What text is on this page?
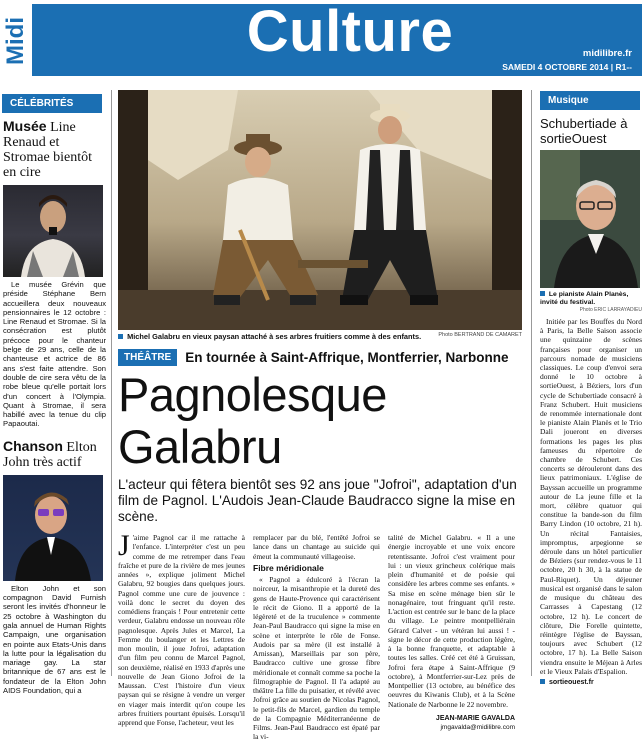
Midi	Culture	midilibre.fr
SAMEDI 4 OCTOBRE 2014 | R1--
CÉLÉBRITÉS
Musée Line Renaud et Stromae bientôt en cire
Le musée Grévin que préside Stéphane Bern accueillera deux nouveaux pensionnaires le 12 octobre : Line Renaud et Stromae. Si la consécration est plutôt précoce pour le chanteur belge de 29 ans, celle de la chanteuse et actrice de 86 ans s'est faite attendre. Son double de cire sera vêtu de la robe bleue qu'elle portait lors d'un concert à l'Olympia. Quant à Stromae, il sera habillé avec la tenue du clip Papaoutai.
Chanson Elton John très actif
Elton John et son compagnon David Furnish seront les invités d'honneur le 25 octobre à Washington du gala annuel de Human Rights Campaign, une organisation en pointe aux Etats-Unis dans la lutte pour la légalisation du mariage gay. La star britannique de 67 ans est le fondateur de la Elton John AIDS Foundation, qui a
Michel Galabru en vieux paysan attaché à ses arbres fruitiers comme à des enfants.	Photo BERTRAND DE CAMARET
THÉÂTRE	En tournée à Saint-Affrique, Montferrier, Narbonne
Pagnolesque Galabru
L'acteur qui fêtera bientôt ses 92 ans joue "Jofroi", adaptation d'un film de Pagnol. L'Audois Jean-Claude Baudracco signe la mise en scène.
J 'aime Pagnol car il me rattache à l'enfance. L'interpréter c'est un peu comme de me retremper dans l'eau fraîche et pure de la rivière de mes jeunes années », explique joliment Michel Galabru, 92 bougies dans quelques jours. Pagnol comme une cure de jouvence : voilà donc le secret du doyen des comédiens français ! Pour entretenir cette verdeur, Galabru endosse un nouveau rôle pagnolesque. Après Jules et Marcel, La Femme du boulanger et les Lettres de mon moulin, il joue Jofroi, adaptation d'un film peu connu de Marcel Pagnol, son deuxième, réalisé en 1933 d'après une nouvelle de Jean Giono Jofroi de la Maussan. C'est l'histoire d'un vieux paysan qui se résigne à vendre un verger en viager mais interdit qu'on coupe les arbres fruitiers pourtant épuisés. Lorsqu'il apprend que Fonse, l'acheteur, veut les

remplacer par du blé, l'entêté Jofroi se lance dans un chantage au suicide qui émeut la communauté villageoise.

Fibre méridionale

« Pagnol a édulcoré à l'écran la noirceur, la misanthropie et la dureté des gens de Haute-Provence qui caractérisent le récit de Giono. Il a apporté de la légèreté et de la truculence » commente Jean-Paul Baudracco qui signe la mise en scène et interprète le rôle de Fonse. Audois par sa mère (il est installé à Arnissan), Marseillais par son père, Baudracco cultive une grosse fibre méridionale et connaît comme sa poche la filmographie de Pagnol. Il l'a adapté au théâtre La fille du puisatier, et révélé avec Jofroi grâce au soutien de Nicolas Pagnol, le petit-fils de Marcel, gardien du temple de la Compagnie Méditerranéenne de Films. Jean-Paul Baudracco est épaté par la vi-

talité de Michel Galabru. « Il a une énergie incroyable et une voix encore retentissante. Jofroi c'est vraiment pour lui : un vieux grincheux colérique mais plein d'humanité et de poésie qui considère les arbres comme ses enfants. » Sa mise en scène ménage bien sûr le nonagénaire, tout fringuant qu'il reste. L'action est centrée sur le banc de la place du village. Le peintre montpelliérain Gérard Calvet - un vétéran lui aussi ! - signe le décor de cette production légère, à la bonne franquette, et adaptable à toutes les salles. Créé cet été à Gruissan, Jofroi fera étape à Saint-Affrique (9 octobre), à Montferrier-sur-Lez près de Montpellier (13 octobre, au bénéfice des oeuvres du Kiwanis Club), et à la Scène Nationale de Narbonne le 22 novembre.

JEAN-MARIE GAVALDA
jmgavalda@midilibre.com
Musique
Schubertiade à sortieOuest
Le pianiste Alain Planès, invité du festival.
Photo ERIC LARRAYADIEU
Initiée par les Bouffes du Nord à Paris, la Belle Saison associe une quinzaine de scènes françaises pour organiser un parcours nomade de musiciens classiques. Le coup d'envoi sera donné le 10 octobre à sortieOuest, à Béziers, lors d'un cycle de Schubertiade consacré à Franz Schubert. Huit musiciens de renommée internationale dont le pianiste Alain Planès et le Trio Dali joueront en diverses formations les pages les plus fameuses du répertoire de chambre de Schubert. Ces concerts se dérouleront dans des lieux patrimoniaux. L'église de Bayssan accueille un programme autour de La jeune fille et la mort, célèbre quatuor qui constitue la bande-son du film Barry Lindon (10 octobre, 21 h). Un récital Fantaisies, impromptus, arpegionne se déroule dans un hôtel particulier de Béziers (sur rendez-vous le 11 octobre, 20 h 30, à la statue de Paul-Riquet). Un déjeuner musical est organisé dans le salon de musique du château des Carrasses à Capestang (12 octobre, 12 h). Le concert de clôture, Die Forelle quintette, réintègre l'église de Bayssan, toujours avec Schubert (12 octobre, 17 h). La Belle Saison viendra ensuite le Méjean à Arles et le Vieux Palais d'Espalion.
sortieouest.fr
